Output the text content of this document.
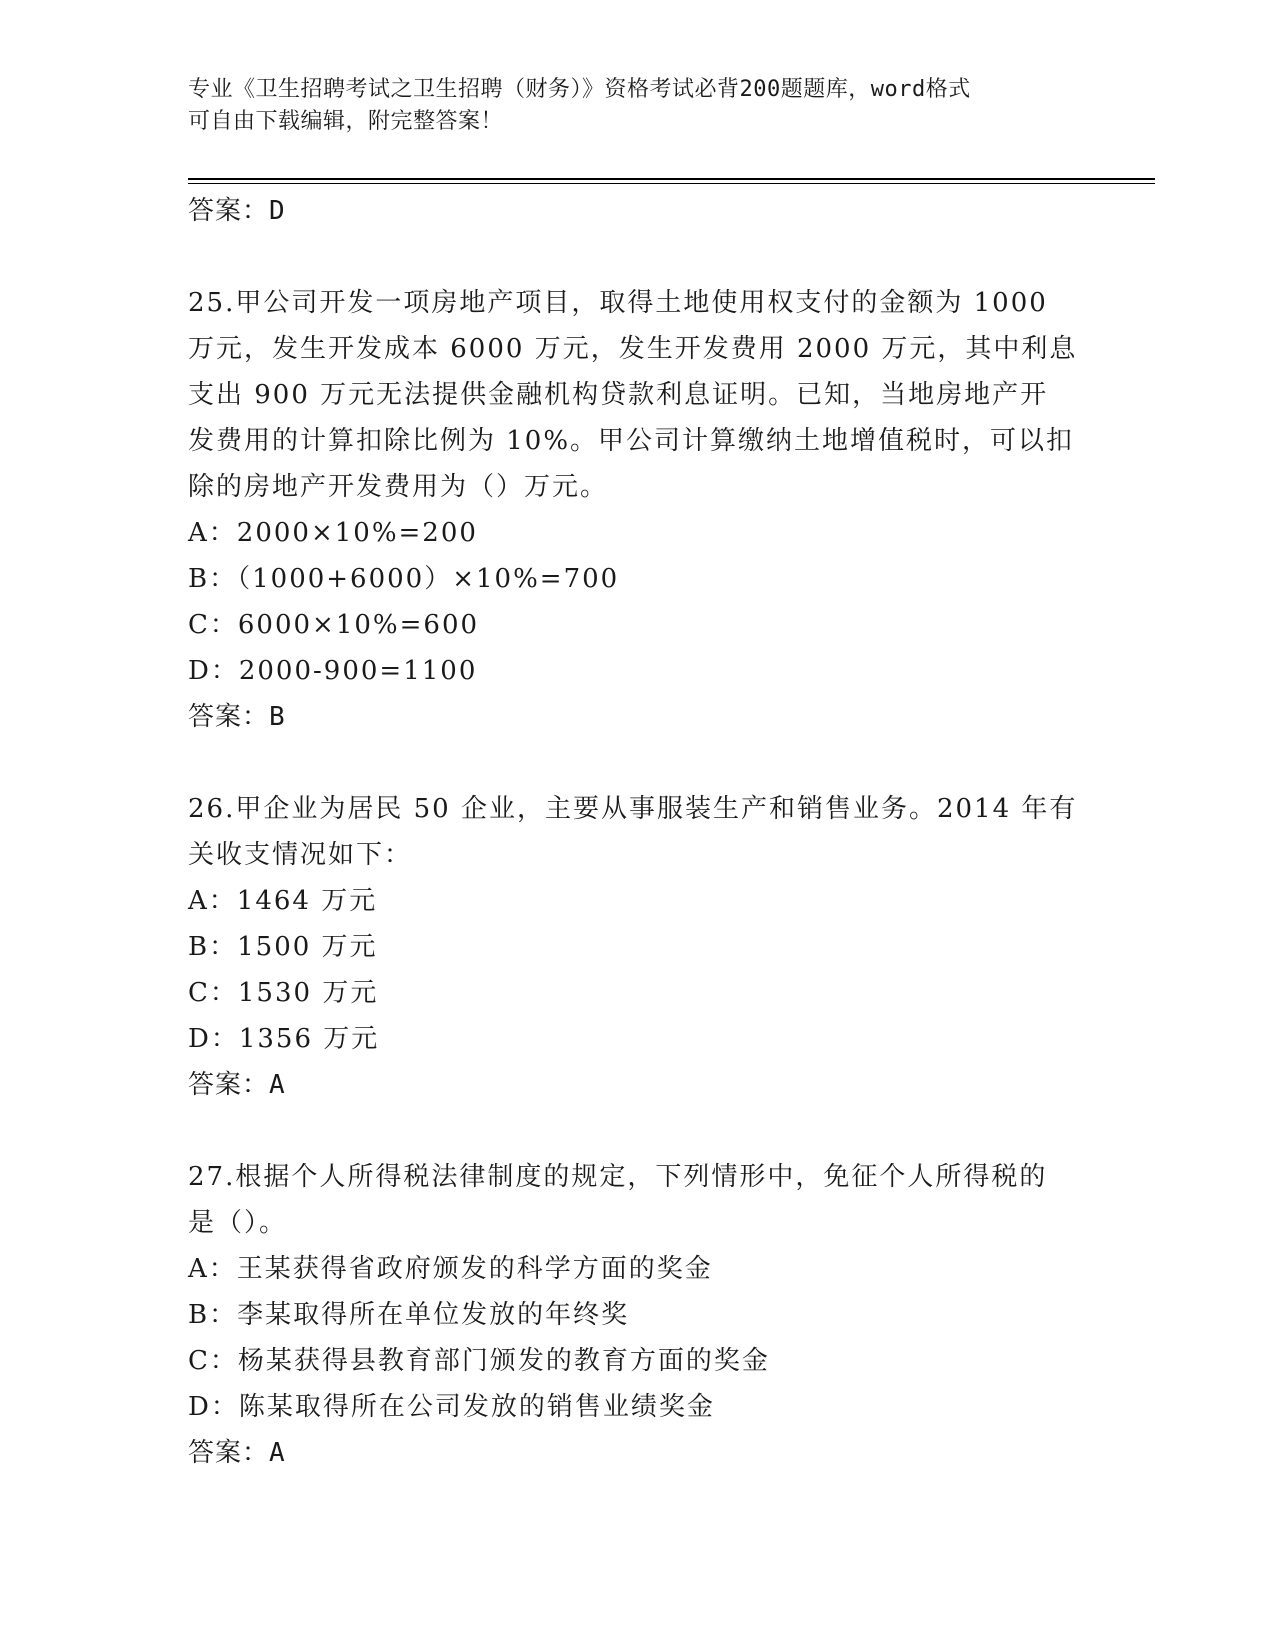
专业《卫生招聘考试之卫生招聘（财务）》资格考试必背200题题库，word格式
可自由下载编辑，附完整答案！
答案：D
25.甲公司开发一项房地产项目，取得土地使用权支付的金额为 1000
万元，发生开发成本 6000 万元，发生开发费用 2000 万元，其中利息
支出 900 万元无法提供金融机构贷款利息证明。已知，当地房地产开
发费用的计算扣除比例为 10%。甲公司计算缴纳土地增值税时，可以扣
除的房地产开发费用为（）万元。
A：2000×10%=200
B：（1000+6000）×10%=700
C：6000×10%=600
D：2000-900=1100
答案：B
26.甲企业为居民 50 企业，主要从事服装生产和销售业务。2014 年有
关收支情况如下：
A：1464 万元
B：1500 万元
C：1530 万元
D：1356 万元
答案：A
27.根据个人所得税法律制度的规定，下列情形中，免征个人所得税的
是（）。
A：王某获得省政府颁发的科学方面的奖金
B：李某取得所在单位发放的年终奖
C：杨某获得县教育部门颁发的教育方面的奖金
D：陈某取得所在公司发放的销售业绩奖金
答案：A
